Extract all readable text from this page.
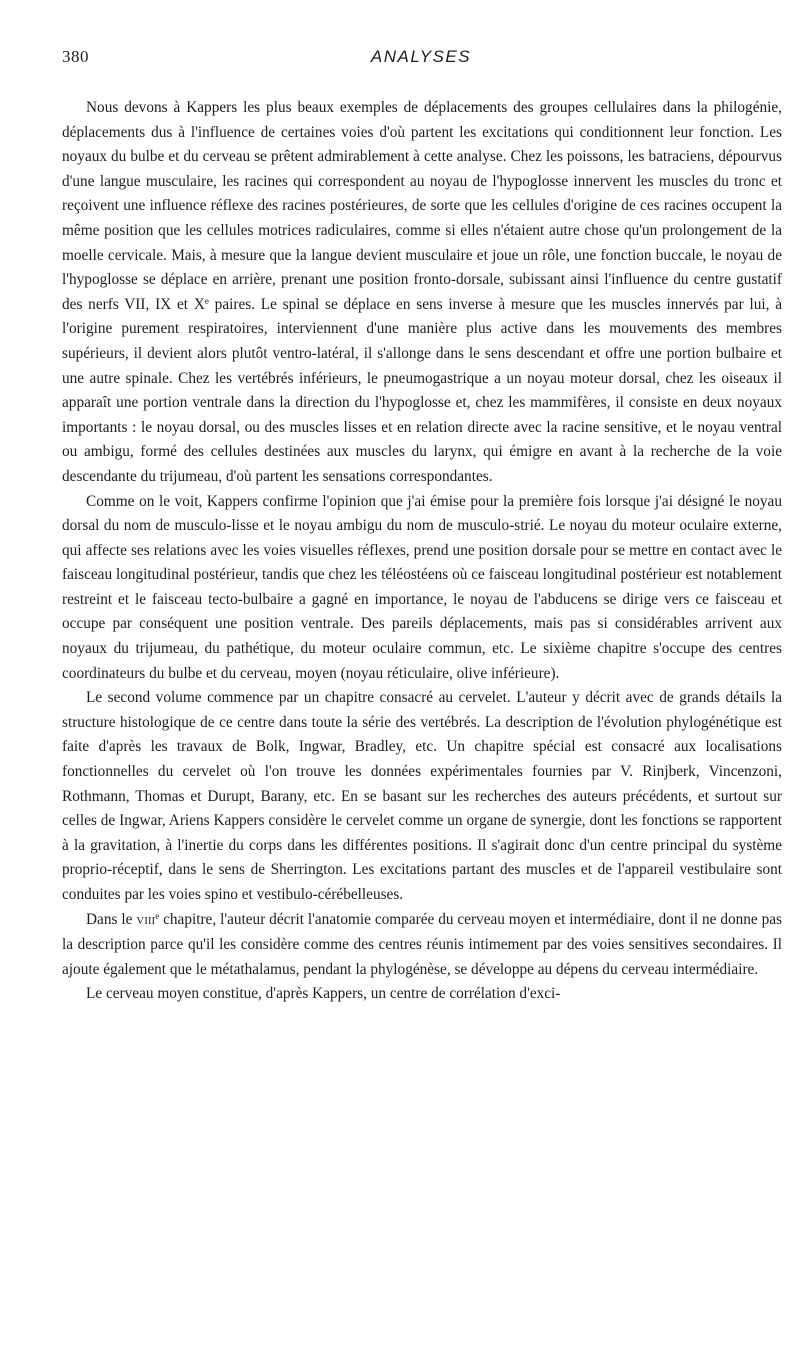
380	ANALYSES

Nous devons à Kappers les plus beaux exemples de déplacements des groupes cellulaires dans la philogénie, déplacements dus à l'influence de certaines voies d'où partent les excitations qui conditionnent leur fonction. Les noyaux du bulbe et du cerveau se prêtent admirablement à cette analyse. Chez les poissons, les batraciens, dépourvus d'une langue musculaire, les racines qui correspondent au noyau de l'hypoglosse innervent les muscles du tronc et reçoivent une influence réflexe des racines postérieures, de sorte que les cellules d'origine de ces racines occupent la même position que les cellules motrices radiculaires, comme si elles n'étaient autre chose qu'un prolongement de la moelle cervicale. Mais, à mesure que la langue devient musculaire et joue un rôle, une fonction buccale, le noyau de l'hypoglosse se déplace en arrière, prenant une position fronto-dorsale, subissant ainsi l'influence du centre gustatif des nerfs VII, IX et Xe paires. Le spinal se déplace en sens inverse à mesure que les muscles innervés par lui, à l'origine purement respiratoires, interviennent d'une manière plus active dans les mouvements des membres supérieurs, il devient alors plutôt ventro-latéral, il s'allonge dans le sens descendant et offre une portion bulbaire et une autre spinale. Chez les vertébrés inférieurs, le pneumogastrique a un noyau moteur dorsal, chez les oiseaux il apparaît une portion ventrale dans la direction du l'hypoglosse et, chez les mammifères, il consiste en deux noyaux importants : le noyau dorsal, ou des muscles lisses et en relation directe avec la racine sensitive, et le noyau ventral ou ambigu, formé des cellules destinées aux muscles du larynx, qui émigre en avant à la recherche de la voie descendante du trijumeau, d'où partent les sensations correspondantes.

Comme on le voit, Kappers confirme l'opinion que j'ai émise pour la première fois lorsque j'ai désigné le noyau dorsal du nom de musculo-lisse et le noyau ambigu du nom de musculo-strié. Le noyau du moteur oculaire externe, qui affecte ses relations avec les voies visuelles réflexes, prend une position dorsale pour se mettre en contact avec le faisceau longitudinal postérieur, tandis que chez les téléostéens où ce faisceau longitudinal postérieur est notablement restreint et le faisceau tecto-bulbaire a gagné en importance, le noyau de l'abducens se dirige vers ce faisceau et occupe par conséquent une position ventrale. Des pareils déplacements, mais pas si considérables arrivent aux noyaux du trijumeau, du pathétique, du moteur oculaire commun, etc. Le sixième chapitre s'occupe des centres coordinateurs du bulbe et du cerveau, moyen (noyau réticulaire, olive inférieure).

Le second volume commence par un chapitre consacré au cervelet. L'auteur y décrit avec de grands détails la structure histologique de ce centre dans toute la série des vertébrés. La description de l'évolution phylogénétique est faite d'après les travaux de Bolk, Ingwar, Bradley, etc. Un chapitre spécial est consacré aux localisations fonctionnelles du cervelet où l'on trouve les données expérimentales fournies par V. Rinjberk, Vincenzoni, Rothmann, Thomas et Durupt, Barany, etc. En se basant sur les recherches des auteurs précédents, et surtout sur celles de Ingwar, Ariens Kappers considère le cervelet comme un organe de synergie, dont les fonctions se rapportent à la gravitation, à l'inertie du corps dans les différentes positions. Il s'agirait donc d'un centre principal du système proprio-réceptif, dans le sens de Sherrington. Les excitations partant des muscles et de l'appareil vestibulaire sont conduites par les voies spino et vestibulo-cérébelleuses.

Dans le VIIIe chapitre, l'auteur décrit l'anatomie comparée du cerveau moyen et intermédiaire, dont il ne donne pas la description parce qu'il les considère comme des centres réunis intimement par des voies sensitives secondaires. Il ajoute également que le métathalamus, pendant la phylogénèse, se développe au dépens du cerveau intermédiaire.

Le cerveau moyen constitue, d'après Kappers, un centre de corrélation d'exci-
